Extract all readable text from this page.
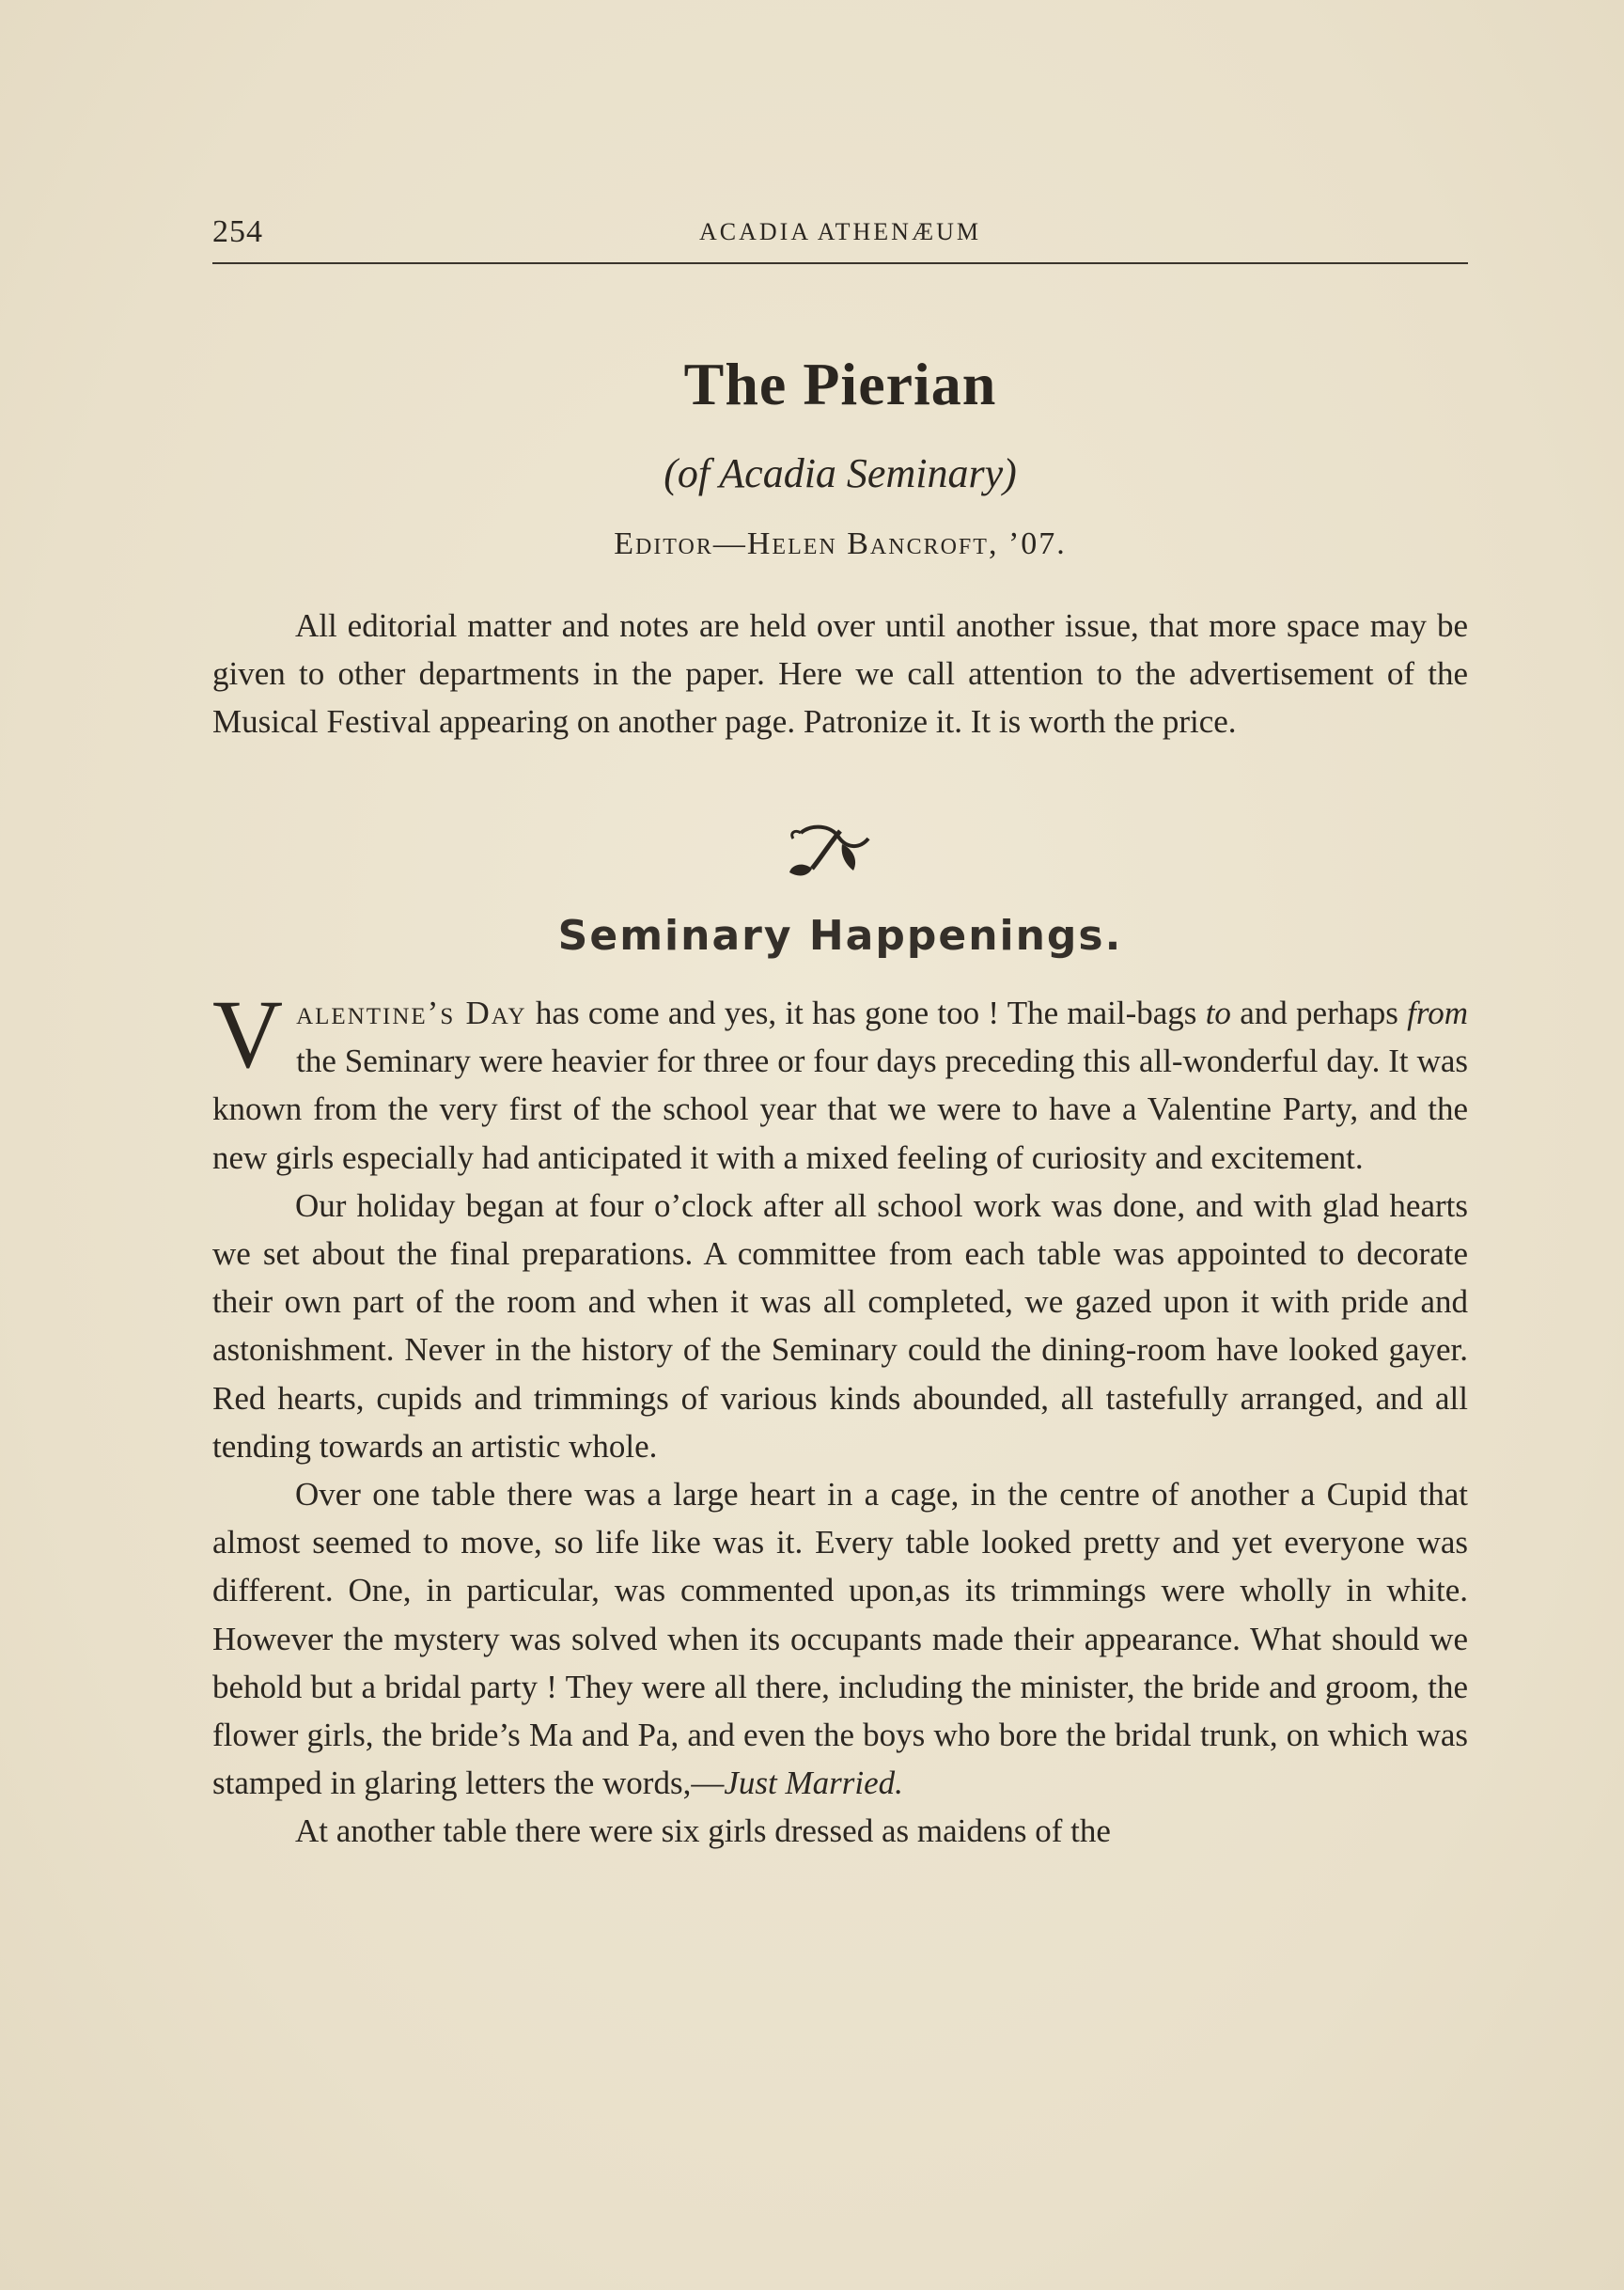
254	ACADIA ATHENÆUM
The Pierian
(of Acadia Seminary)
Editor—Helen Bancroft, ’07.
All editorial matter and notes are held over until another issue, that more space may be given to other departments in the paper. Here we call attention to the advertisement of the Musical Festival appearing on another page. Patronize it. It is worth the price.
Seminary Happenings.

Valentine’s Day has come and yes, it has gone too ! The mail-bags to and perhaps from the Seminary were heavier for three or four days preceding this all-wonderful day. It was known from the very first of the school year that we were to have a Valentine Party, and the new girls especially had anticipated it with a mixed feeling of curiosity and excitement.

Our holiday began at four o’clock after all school work was done, and with glad hearts we set about the final preparations. A committee from each table was appointed to decorate their own part of the room and when it was all completed, we gazed upon it with pride and astonishment. Never in the history of the Seminary could the dining-room have looked gayer. Red hearts, cupids and trimmings of various kinds abounded, all tastefully arranged, and all tending towards an artistic whole.

Over one table there was a large heart in a cage, in the centre of another a Cupid that almost seemed to move, so life like was it. Every table looked pretty and yet everyone was different. One, in particular, was commented upon,as its trimmings were wholly in white. However the mystery was solved when its occupants made their appearance. What should we behold but a bridal party ! They were all there, including the minister, the bride and groom, the flower girls, the bride’s Ma and Pa, and even the boys who bore the bridal trunk, on which was stamped in glaring letters the words,—Just Married.

At another table there were six girls dressed as maidens of the
